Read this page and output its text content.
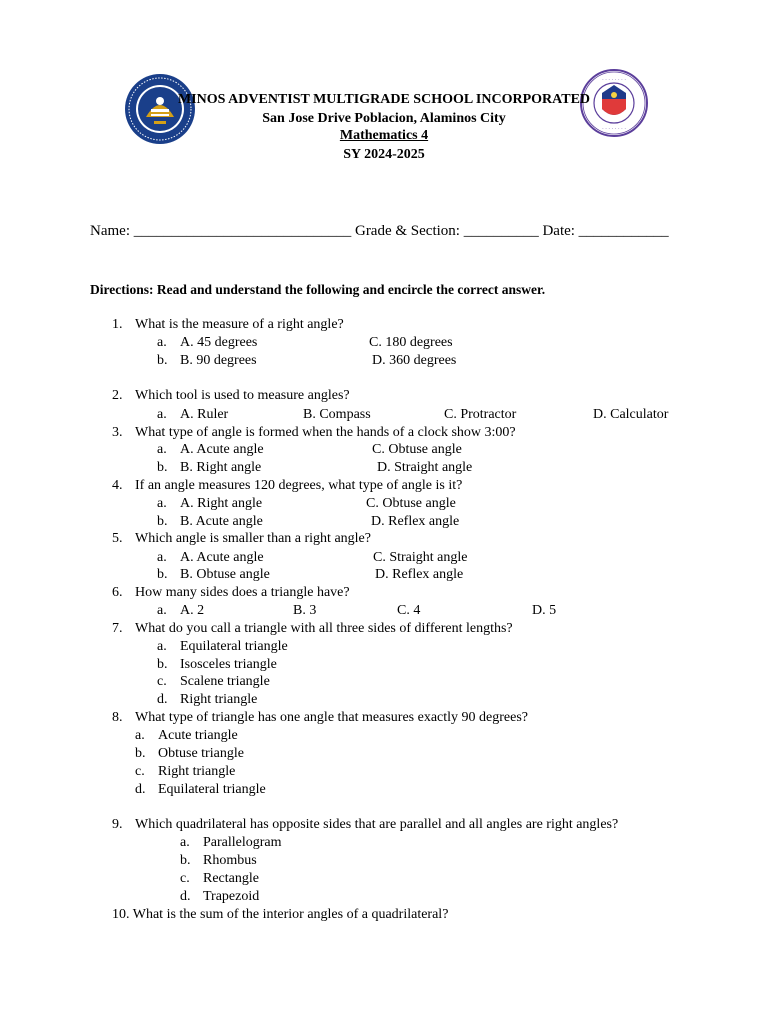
· · · · · · · ·
· · · · · · · ·
MINOS ADVENTIST MULTIGRADE SCHOOL INCORPORATED
San Jose Drive Poblacion, Alaminos City
Mathematics 4
SY 2024-2025
Name: _____________________________ Grade & Section: __________ Date: ____________
Directions: Read and understand the following and encircle the correct answer.
1. What is the measure of a right angle?
a. A. 45 degrees	C. 180 degrees
b. B. 90 degrees	D. 360 degrees
2. Which tool is used to measure angles?
a. A. Ruler	B. Compass	C. Protractor	D. Calculator
3. What type of angle is formed when the hands of a clock show 3:00?
a. A. Acute angle	C. Obtuse angle
b. B. Right angle	D. Straight angle
4. If an angle measures 120 degrees, what type of angle is it?
a. A. Right angle	C. Obtuse angle
b. B. Acute angle	D. Reflex angle
5. Which angle is smaller than a right angle?
a. A. Acute angle	C. Straight angle
b. B. Obtuse angle	D. Reflex angle
6. How many sides does a triangle have?
a. A. 2	B. 3	C. 4	D. 5
7. What do you call a triangle with all three sides of different lengths?
a. Equilateral triangle
b. Isosceles triangle
c. Scalene triangle
d. Right triangle
8. What type of triangle has one angle that measures exactly 90 degrees?
a. Acute triangle
b. Obtuse triangle
c. Right triangle
d. Equilateral triangle
9. Which quadrilateral has opposite sides that are parallel and all angles are right angles?
a. Parallelogram
b. Rhombus
c. Rectangle
d. Trapezoid
10. What is the sum of the interior angles of a quadrilateral?
